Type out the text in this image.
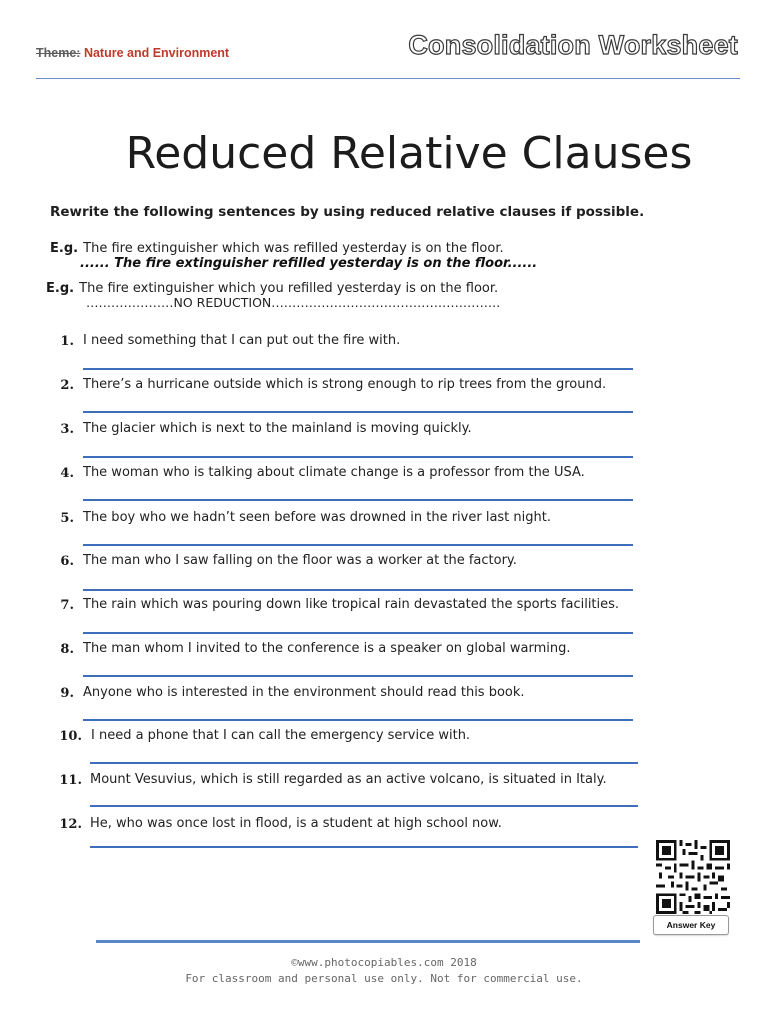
Theme: Nature and Environment	Consolidation Worksheet
Reduced Relative Clauses
Rewrite the following sentences by using reduced relative clauses if possible.
E.g. The fire extinguisher which was refilled yesterday is on the floor.
...... The fire extinguisher refilled yesterday is on the floor......
E.g. The fire extinguisher which you refilled yesterday is on the floor.
…………………NO REDUCTION……………………………………………….
1. I need something that I can put out the fire with.
2. There’s a hurricane outside which is strong enough to rip trees from the ground.
3. The glacier which is next to the mainland is moving quickly.
4. The woman who is talking about climate change is a professor from the USA.
5. The boy who we hadn’t seen before was drowned in the river last night.
6. The man who I saw falling on the floor was a worker at the factory.
7. The rain which was pouring down like tropical rain devastated the sports facilities.
8. The man whom I invited to the conference is a speaker on global warming.
9. Anyone who is interested in the environment should read this book.
10. I need a phone that I can call the emergency service with.
11. Mount Vesuvius, which is still regarded as an active volcano, is situated in Italy.
12. He, who was once lost in flood, is a student at high school now.
Answer Key
©www.photocopiables.com 2018
For classroom and personal use only. Not for commercial use.
